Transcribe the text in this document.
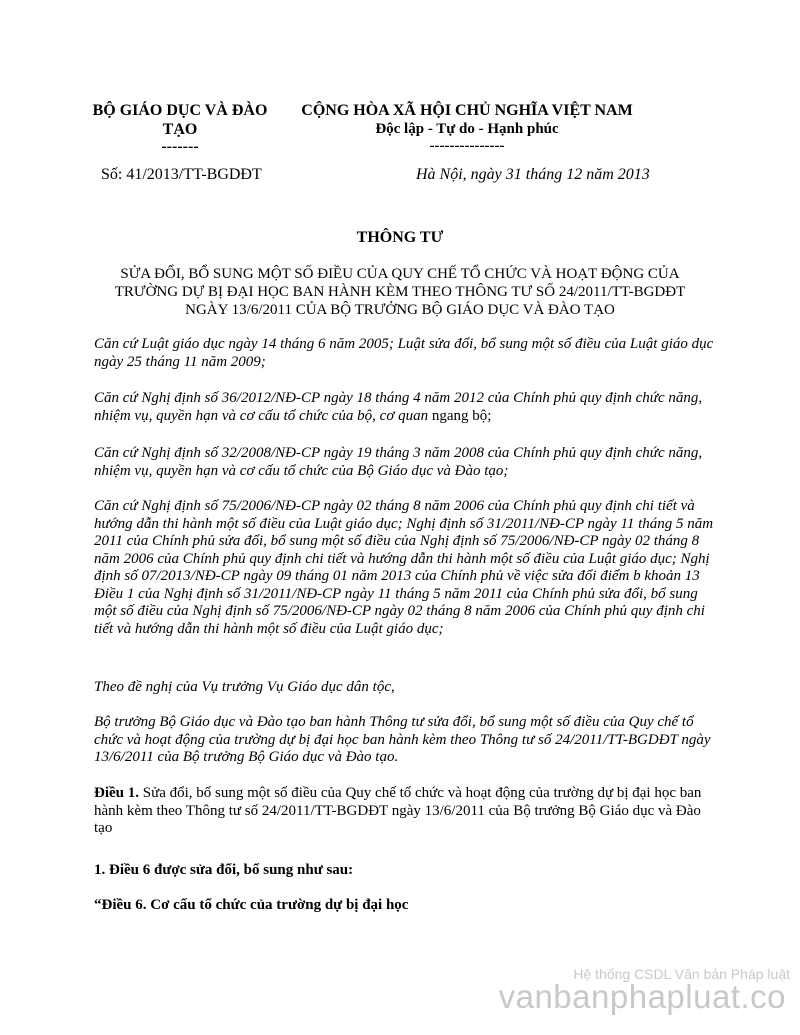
BỘ GIÁO DỤC VÀ ĐÀO
TẠO
-------
Số: 41/2013/TT-BGDĐT
CỘNG HÒA XÃ HỘI CHỦ NGHĨA VIỆT NAM
Độc lập - Tự do - Hạnh phúc
---------------
Hà Nội, ngày 31 tháng 12 năm 2013
THÔNG TƯ
SỬA ĐỔI, BỔ SUNG MỘT SỐ ĐIỀU CỦA QUY CHẾ TỔ CHỨC VÀ HOẠT ĐỘNG CỦA
TRƯỜNG DỰ BỊ ĐẠI HỌC BAN HÀNH KÈM THEO THÔNG TƯ SỐ 24/2011/TT-BGDĐT
NGÀY 13/6/2011 CỦA BỘ TRƯỞNG BỘ GIÁO DỤC VÀ ĐÀO TẠO
Căn cứ Luật giáo dục ngày 14 tháng 6 năm 2005; Luật sửa đổi, bổ sung một số điều của Luật giáo dục ngày 25 tháng 11 năm 2009;
Căn cứ Nghị định số 36/2012/NĐ-CP ngày 18 tháng 4 năm 2012 của Chính phủ quy định chức năng, nhiệm vụ, quyền hạn và cơ cấu tổ chức của bộ, cơ quan ngang bộ;
Căn cứ Nghị định số 32/2008/NĐ-CP ngày 19 tháng 3 năm 2008 của Chính phủ quy định chức năng, nhiệm vụ, quyền hạn và cơ cấu tổ chức của Bộ Giáo dục và Đào tạo;
Căn cứ Nghị định số 75/2006/NĐ-CP ngày 02 tháng 8 năm 2006 của Chính phủ quy định chi tiết và hướng dẫn thi hành một số điều của Luật giáo dục; Nghị định số 31/2011/NĐ-CP ngày 11 tháng 5 năm 2011 của Chính phủ sửa đổi, bổ sung một số điều của Nghị định số 75/2006/NĐ-CP ngày 02 tháng 8 năm 2006 của Chính phủ quy định chi tiết và hướng dẫn thi hành một số điều của Luật giáo dục; Nghị định số 07/2013/NĐ-CP ngày 09 tháng 01 năm 2013 của Chính phủ về việc sửa đổi điểm b khoản 13 Điều 1 của Nghị định số 31/2011/NĐ-CP ngày 11 tháng 5 năm 2011 của Chính phủ sửa đổi, bổ sung một số điều của Nghị định số 75/2006/NĐ-CP ngày 02 tháng 8 năm 2006 của Chính phủ quy định chi tiết và hướng dẫn thi hành một số điều của Luật giáo dục;
Theo đề nghị của Vụ trưởng Vụ Giáo dục dân tộc,
Bộ trưởng Bộ Giáo dục và Đào tạo ban hành Thông tư sửa đổi, bổ sung một số điều của Quy chế tổ chức và hoạt động của trường dự bị đại học ban hành kèm theo Thông tư số 24/2011/TT-BGDĐT ngày 13/6/2011 của Bộ trưởng Bộ Giáo dục và Đào tạo.
Điều 1. Sửa đổi, bổ sung một số điều của Quy chế tổ chức và hoạt động của trường dự bị đại học ban hành kèm theo Thông tư số 24/2011/TT-BGDĐT ngày 13/6/2011 của Bộ trưởng Bộ Giáo dục và Đào tạo
1. Điều 6 được sửa đổi, bổ sung như sau:
“Điều 6. Cơ cấu tổ chức của trường dự bị đại học
Hệ thống CSDL Văn bản Pháp luật
vanbanphapluat.co
